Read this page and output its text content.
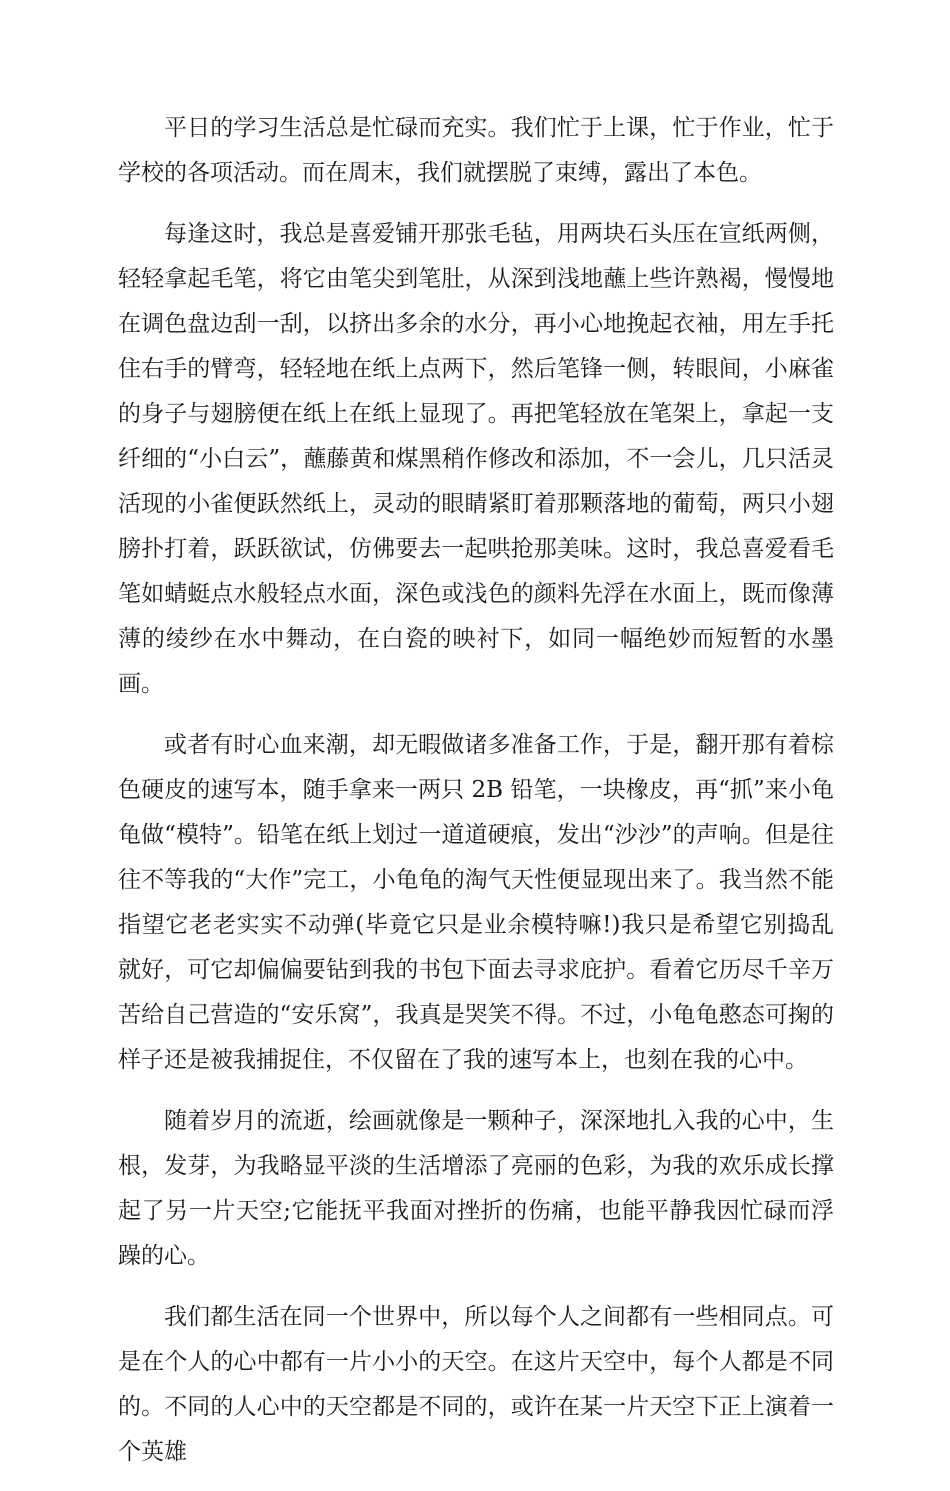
平日的学习生活总是忙碌而充实。我们忙于上课，忙于作业，忙于学校的各项活动。而在周末，我们就摆脱了束缚，露出了本色。

每逢这时，我总是喜爱铺开那张毛毡，用两块石头压在宣纸两侧，轻轻拿起毛笔，将它由笔尖到笔肚，从深到浅地蘸上些许熟褐，慢慢地在调色盘边刮一刮，以挤出多余的水分，再小心地挽起衣袖，用左手托住右手的臂弯，轻轻地在纸上点两下，然后笔锋一侧，转眼间，小麻雀的身子与翅膀便在纸上在纸上显现了。再把笔轻放在笔架上，拿起一支纤细的“小白云”，蘸藤黄和煤黑稍作修改和添加，不一会儿，几只活灵活现的小雀便跃然纸上，灵动的眼睛紧盯着那颗落地的葡萄，两只小翅膀扑打着，跃跃欲试，仿佛要去一起哄抢那美味。这时，我总喜爱看毛笔如蜻蜓点水般轻点水面，深色或浅色的颜料先浮在水面上，既而像薄薄的绫纱在水中舞动，在白瓷的映衬下，如同一幅绝妙而短暂的水墨画。

或者有时心血来潮，却无暇做诸多准备工作，于是，翻开那有着棕色硬皮的速写本，随手拿来一两只 2B 铅笔，一块橡皮，再“抓”来小龟龟做“模特”。铅笔在纸上划过一道道硬痕，发出“沙沙”的声响。但是往往不等我的“大作”完工，小龟龟的淘气天性便显现出来了。我当然不能指望它老老实实不动弹(毕竟它只是业余模特嘛!)我只是希望它别捣乱就好，可它却偏偏要钻到我的书包下面去寻求庇护。看着它历尽千辛万苦给自己营造的“安乐窝”，我真是哭笑不得。不过，小龟龟憨态可掬的样子还是被我捕捉住，不仅留在了我的速写本上，也刻在我的心中。

随着岁月的流逝，绘画就像是一颗种子，深深地扎入我的心中，生根，发芽，为我略显平淡的生活增添了亮丽的色彩，为我的欢乐成长撑起了另一片天空;它能抚平我面对挫折的伤痛，也能平静我因忙碌而浮躁的心。

我们都生活在同一个世界中，所以每个人之间都有一些相同点。可是在个人的心中都有一片小小的天空。在这片天空中，每个人都是不同的。不同的人心中的天空都是不同的，或许在某一片天空下正上演着一个英雄
